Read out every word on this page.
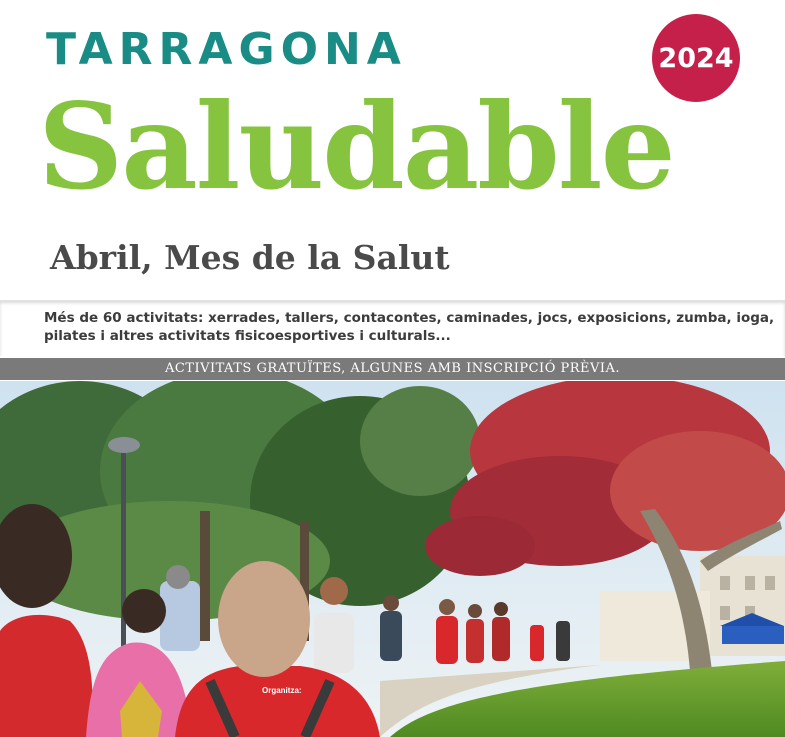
TARRAGONA
Saludable
Abril, Mes de la Salut
2024
Més de 60 activitats: xerrades, tallers, contacontes, caminades, jocs, exposicions, zumba, ioga, pilates i altres activitats fisicoesportives i culturals...
ACTIVITATS GRATUÏTES, ALGUNES AMB INSCRIPCIÓ PRÈVIA.
Organitza:
